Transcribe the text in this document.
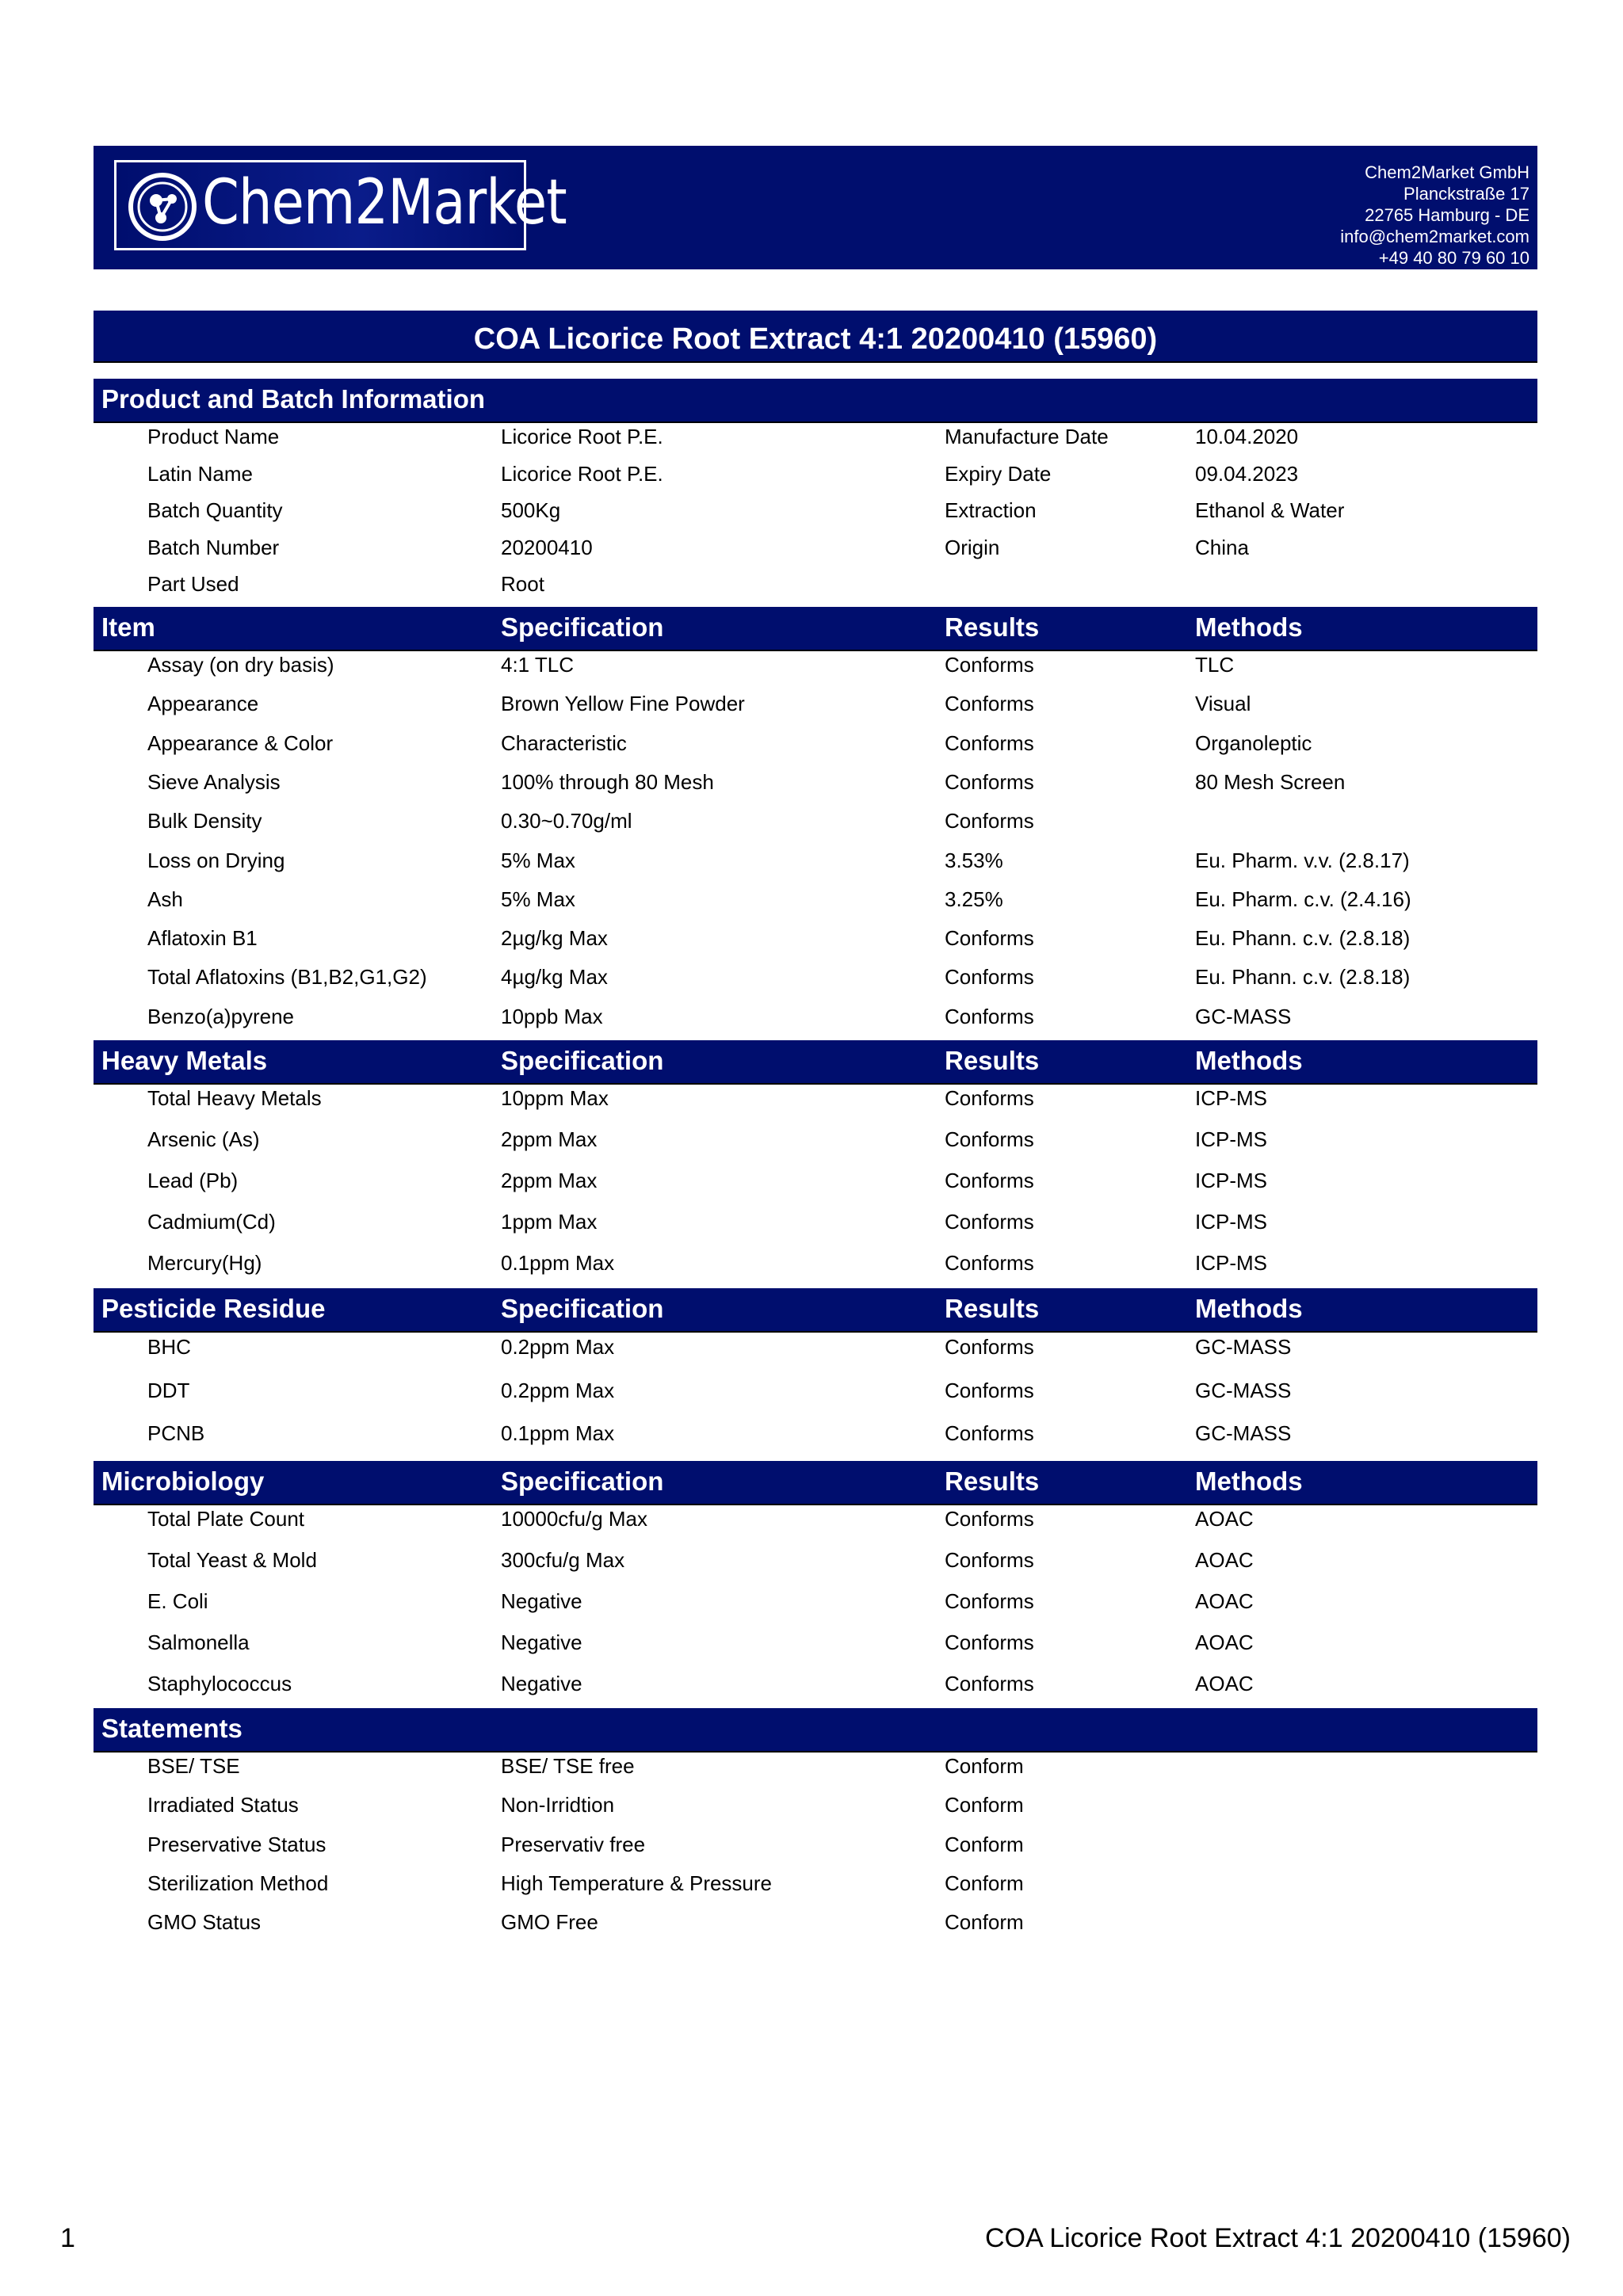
Chem2Market	Chem2Market GmbH
Planckstraße 17
22765 Hamburg - DE
info@chem2market.com
+49 40 80 79 60 10
COA Licorice Root Extract 4:1 20200410 (15960)
Product and Batch Information
Product Name	Licorice Root P.E.	Manufacture Date	10.04.2020
Latin Name	Licorice Root P.E.	Expiry Date	09.04.2023
Batch Quantity	500Kg	Extraction	Ethanol & Water
Batch Number	20200410	Origin	China
Part Used	Root
Item	Specification	Results	Methods
Assay (on dry basis)	4:1 TLC	Conforms	TLC
Appearance	Brown Yellow Fine Powder	Conforms	Visual
Appearance & Color	Characteristic	Conforms	Organoleptic
Sieve Analysis	100% through 80 Mesh	Conforms	80 Mesh Screen
Bulk Density	0.30~0.70g/ml	Conforms
Loss on Drying	5% Max	3.53%	Eu. Pharm. v.v. (2.8.17)
Ash	5% Max	3.25%	Eu. Pharm. c.v. (2.4.16)
Aflatoxin B1	2µg/kg Max	Conforms	Eu. Phann. c.v. (2.8.18)
Total Aflatoxins (B1,B2,G1,G2)	4µg/kg Max	Conforms	Eu. Phann. c.v. (2.8.18)
Benzo(a)pyrene	10ppb Max	Conforms	GC-MASS
Heavy Metals	Specification	Results	Methods
Total Heavy Metals	10ppm Max	Conforms	ICP-MS
Arsenic (As)	2ppm Max	Conforms	ICP-MS
Lead (Pb)	2ppm Max	Conforms	ICP-MS
Cadmium(Cd)	1ppm Max	Conforms	ICP-MS
Mercury(Hg)	0.1ppm Max	Conforms	ICP-MS
Pesticide Residue	Specification	Results	Methods
BHC	0.2ppm Max	Conforms	GC-MASS
DDT	0.2ppm Max	Conforms	GC-MASS
PCNB	0.1ppm Max	Conforms	GC-MASS
Microbiology	Specification	Results	Methods
Total Plate Count	10000cfu/g Max	Conforms	AOAC
Total Yeast & Mold	300cfu/g Max	Conforms	AOAC
E. Coli	Negative	Conforms	AOAC
Salmonella	Negative	Conforms	AOAC
Staphylococcus	Negative	Conforms	AOAC
Statements
BSE/ TSE	BSE/ TSE free	Conform
Irradiated Status	Non-Irridtion	Conform
Preservative Status	Preservativ free	Conform
Sterilization Method	High Temperature & Pressure	Conform
GMO Status	GMO Free	Conform
1	COA Licorice Root Extract 4:1 20200410 (15960)
